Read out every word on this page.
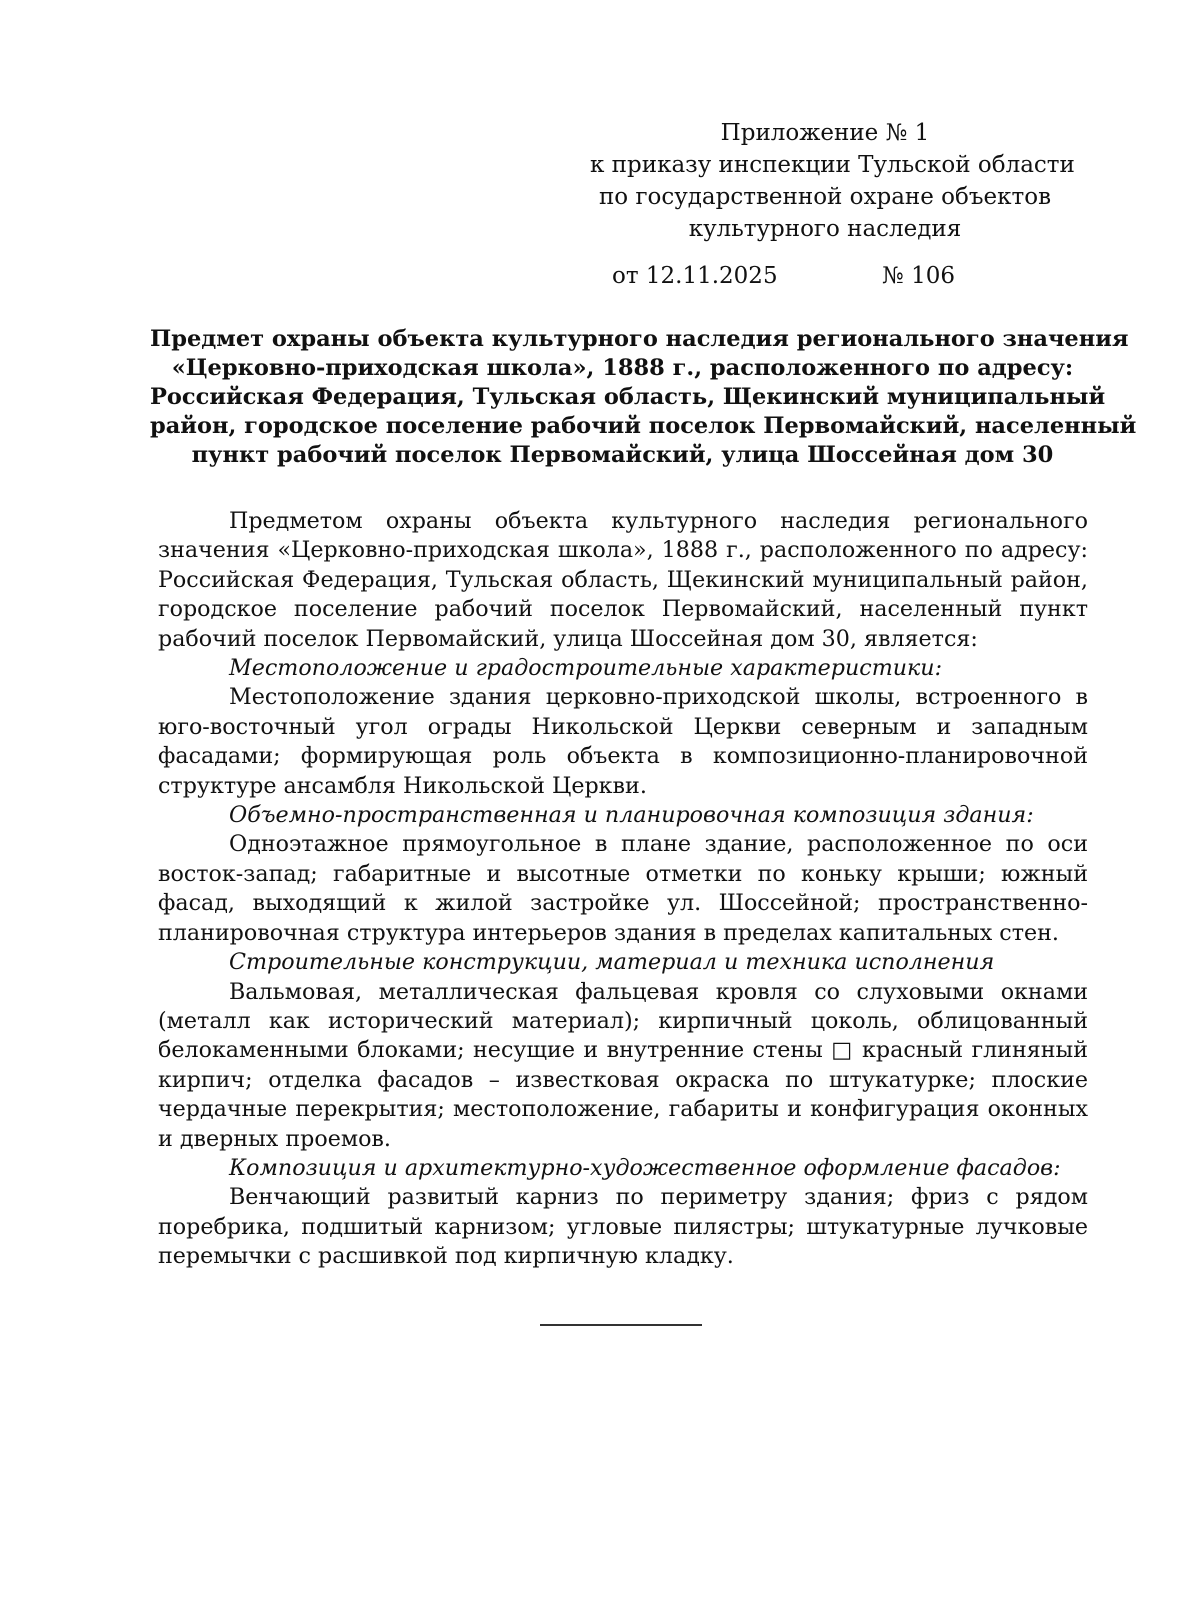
Приложение № 1
к приказу инспекции Тульской области
по государственной охране объектов
культурного наследия
от 12.11.2025	№ 106
Предмет охраны объекта культурного наследия регионального значения
«Церковно-приходская школа», 1888 г., расположенного по адресу:
Российская Федерация, Тульская область, Щекинский муниципальный
район, городское поселение рабочий поселок Первомайский, населенный
пункт рабочий поселок Первомайский, улица Шоссейная дом 30

Предметом охраны объекта культурного наследия регионального значения «Церковно-приходская школа», 1888 г., расположенного по адресу: Российская Федерация, Тульская область, Щекинский муниципальный район, городское поселение рабочий поселок Первомайский, населенный пункт рабочий поселок Первомайский, улица Шоссейная дом 30, является:

Местоположение и градостроительные характеристики:

Местоположение здания церковно-приходской школы, встроенного в юго-восточный угол ограды Никольской Церкви северным и западным фасадами; формирующая роль объекта в композиционно-планировочной структуре ансамбля Никольской Церкви.

Объемно-пространственная и планировочная композиция здания:

Одноэтажное прямоугольное в плане здание, расположенное по оси восток-запад; габаритные и высотные отметки по коньку крыши; южный фасад, выходящий к жилой застройке ул. Шоссейной; пространственно-планировочная структура интерьеров здания в пределах капитальных стен.

Строительные конструкции, материал и техника исполнения

Вальмовая, металлическая фальцевая кровля со слуховыми окнами (металл как исторический материал); кирпичный цоколь, облицованный белокаменными блоками; несущие и внутренние стены □ красный глиняный кирпич; отделка фасадов – известковая окраска по штукатурке; плоские чердачные перекрытия; местоположение, габариты и конфигурация оконных и дверных проемов.

Композиция и архитектурно-художественное оформление фасадов:

Венчающий развитый карниз по периметру здания; фриз с рядом поребрика, подшитый карнизом; угловые пилястры; штукатурные лучковые перемычки с расшивкой под кирпичную кладку.
